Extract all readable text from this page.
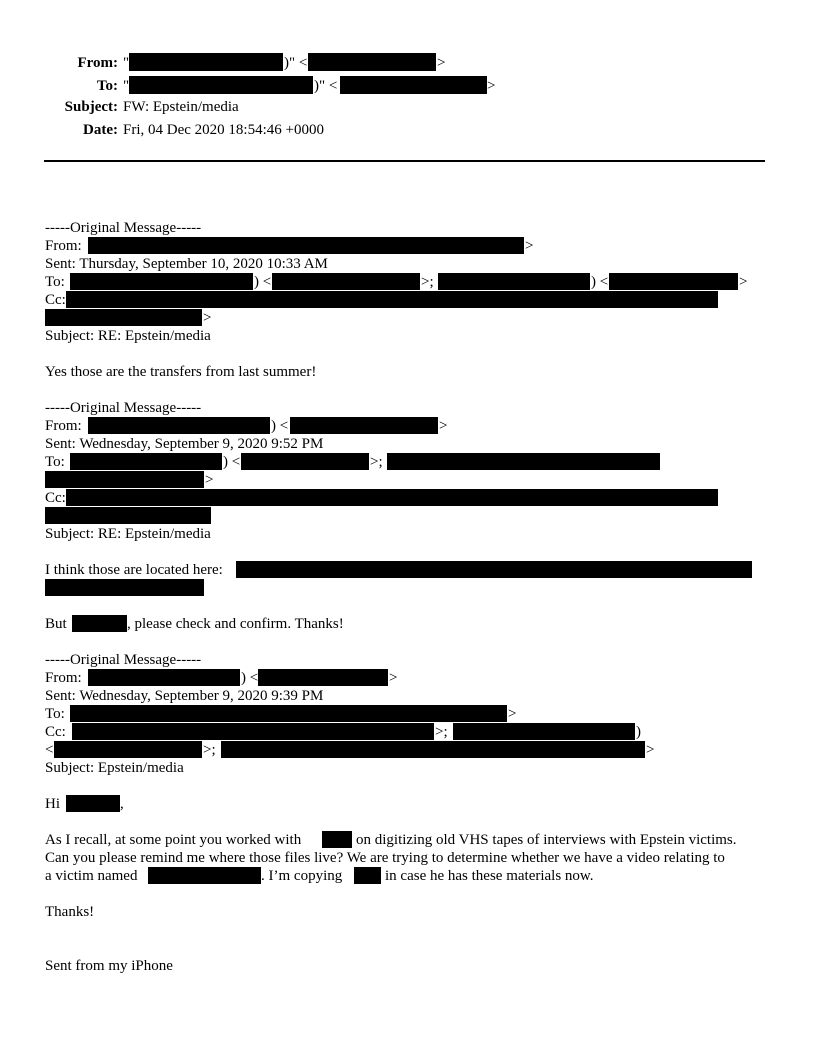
From: "	)" <	>
To: "	)" <	>
Subject: FW: Epstein/media
Date: Fri, 04 Dec 2020 18:54:46 +0000
-----Original Message-----
From:	>
Sent: Thursday, September 10, 2020 10:33 AM
To:	) <	>;	) <	>
Cc:
>
Subject: RE: Epstein/media
Yes those are the transfers from last summer!
-----Original Message-----
From:	) <	>
Sent: Wednesday, September 9, 2020 9:52 PM
To:	) <	>;
>
Cc:
Subject: RE: Epstein/media
I think those are located here:
But	, please check and confirm. Thanks!
-----Original Message-----
From:	) <	>
Sent: Wednesday, September 9, 2020 9:39 PM
To:	>
Cc:	>;	)
<	>;	>
Subject: Epstein/media
Hi	,
As I recall, at some point you worked with	on digitizing old VHS tapes of interviews with Epstein victims.
Can you please remind me where those files live? We are trying to determine whether we have a video relating to
a victim named	. I’m copying	in case he has these materials now.
Thanks!
Sent from my iPhone
